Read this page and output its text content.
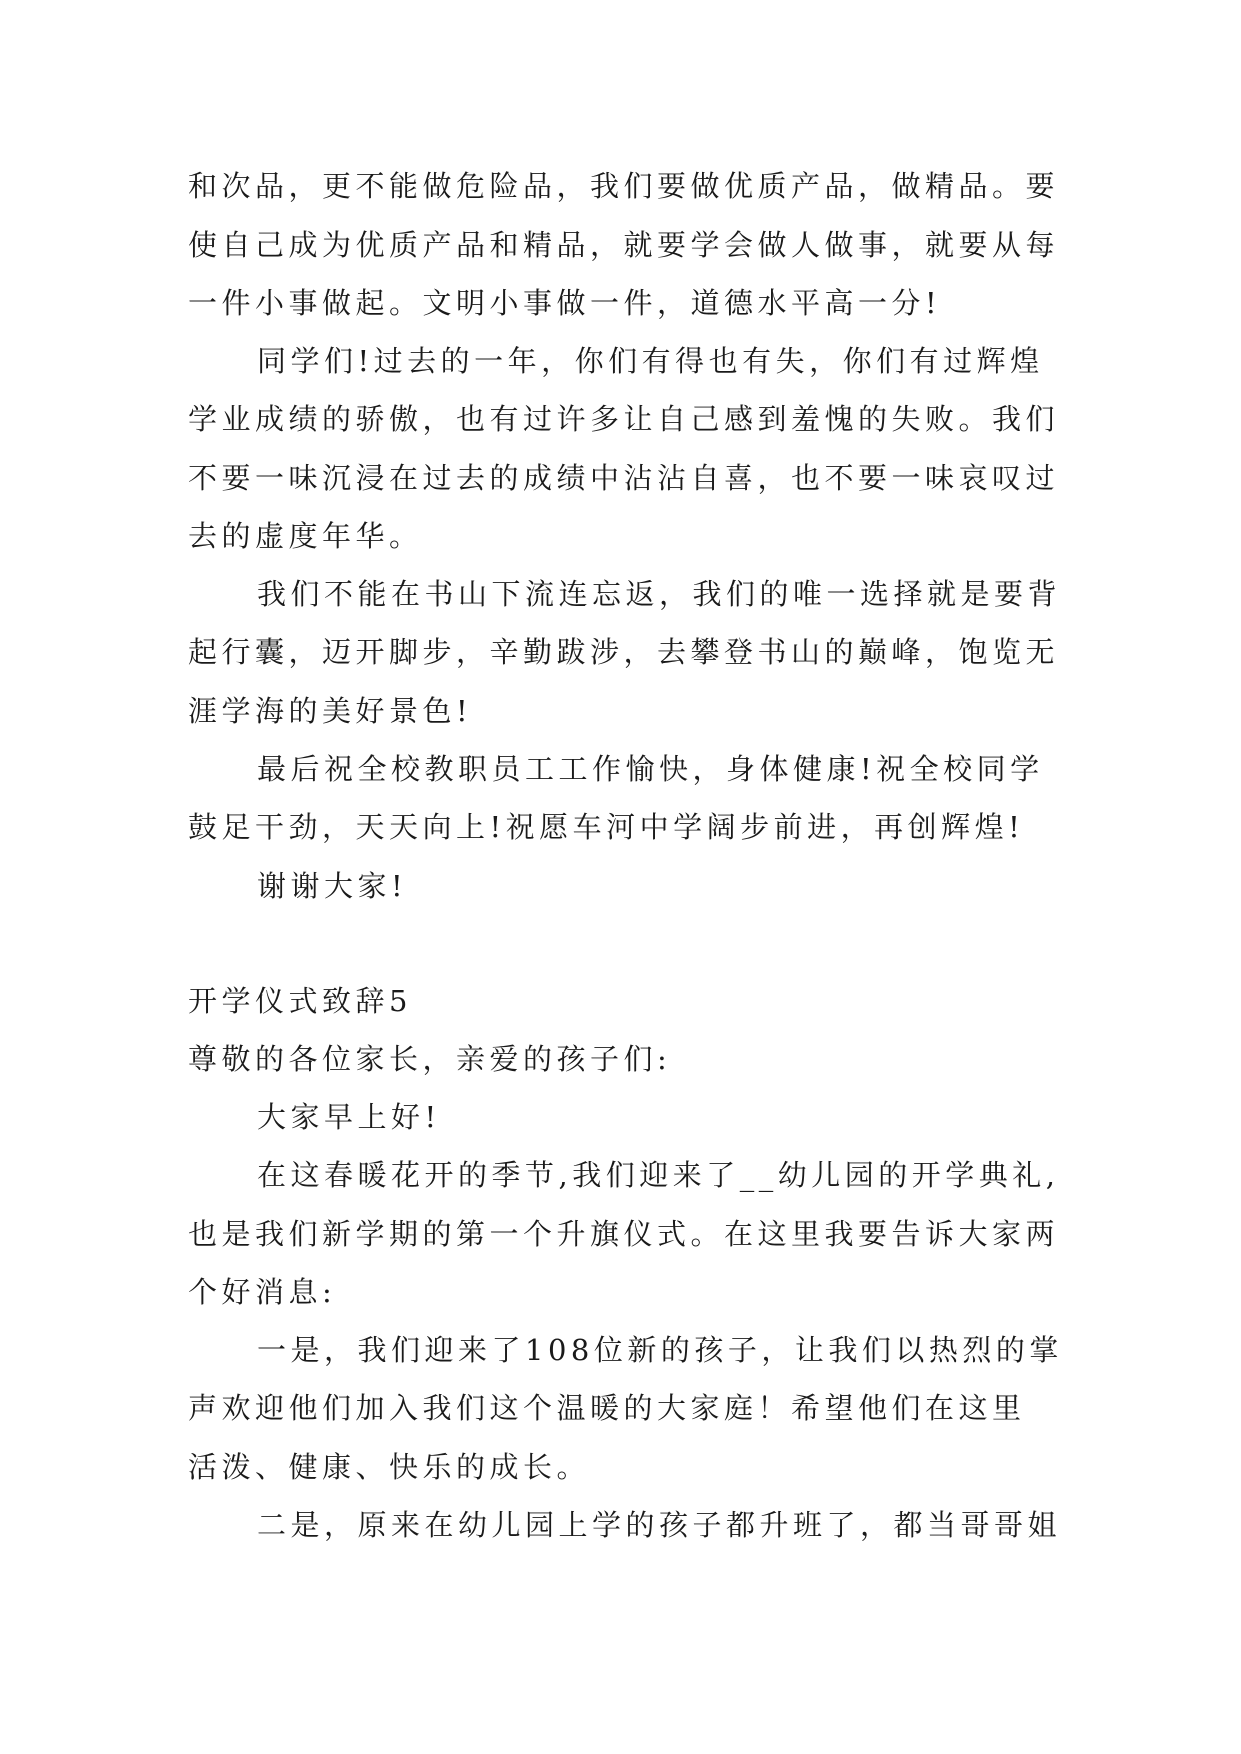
和次品，更不能做危险品，我们要做优质产品，做精品。要
使自己成为优质产品和精品，就要学会做人做事，就要从每
一件小事做起。文明小事做一件，道德水平高一分!
同学们!过去的一年，你们有得也有失，你们有过辉煌
学业成绩的骄傲，也有过许多让自己感到羞愧的失败。我们
不要一味沉浸在过去的成绩中沾沾自喜，也不要一味哀叹过
去的虚度年华。
我们不能在书山下流连忘返，我们的唯一选择就是要背
起行囊，迈开脚步，辛勤跋涉，去攀登书山的巅峰，饱览无
涯学海的美好景色!
最后祝全校教职员工工作愉快，身体健康!祝全校同学
鼓足干劲，天天向上!祝愿车河中学阔步前进，再创辉煌!
谢谢大家!
开学仪式致辞5
尊敬的各位家长，亲爱的孩子们:
大家早上好!
在这春暖花开的季节,我们迎来了__幼儿园的开学典礼,
也是我们新学期的第一个升旗仪式。在这里我要告诉大家两
个好消息:
一是，我们迎来了108位新的孩子，让我们以热烈的掌
声欢迎他们加入我们这个温暖的大家庭！希望他们在这里
活泼、健康、快乐的成长。
二是，原来在幼儿园上学的孩子都升班了，都当哥哥姐
